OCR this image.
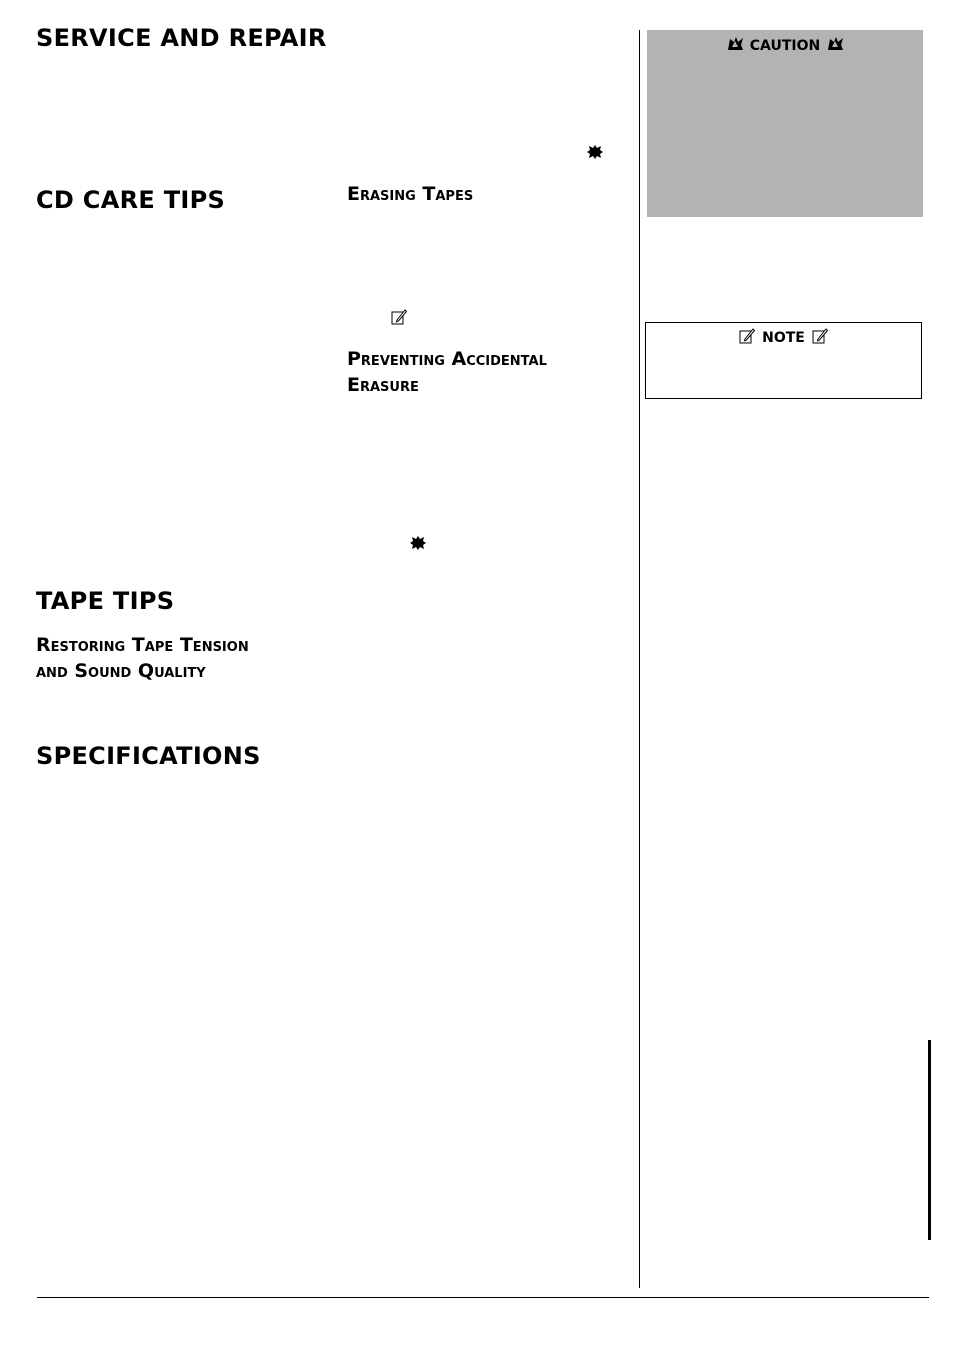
SERVICE AND REPAIR
CD CARE TIPS
TAPE TIPS
Restoring Tape Tension
and Sound Quality
SPECIFICATIONS
Erasing Tapes
Preventing Accidental
Erasure
CAUTION
NOTE
